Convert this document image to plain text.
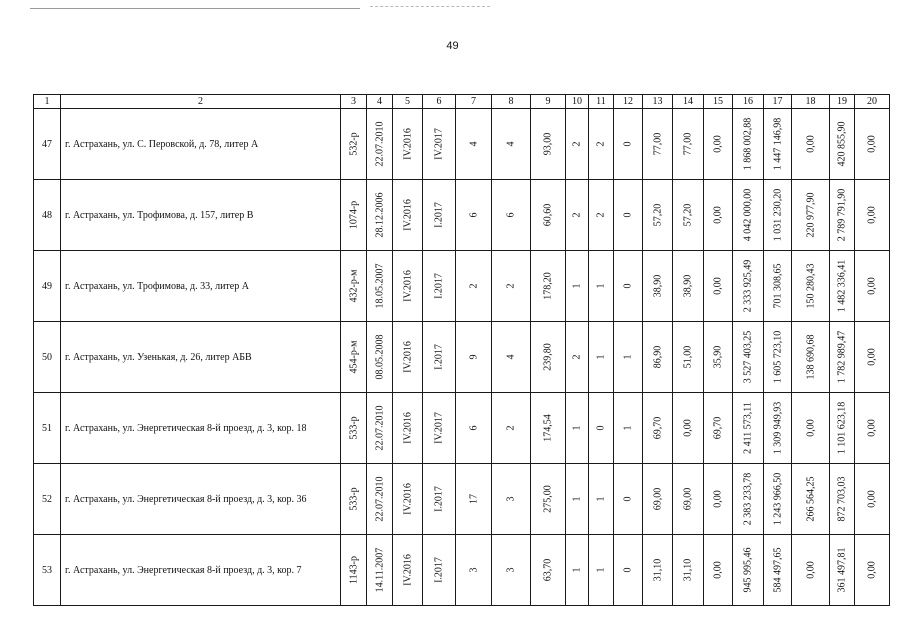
49
1	2	3	4	5	6	7	8	9	10	11	12	13	14	15	16	17	18	19	20
47	г. Астрахань, ул. С. Перовской, д. 78, литер А	532-р	22.07.2010	IV.2016	IV.2017	4	4	93,00	2	2	0	77,00	77,00	0,00	1 868 002,88	1 447 146,98	0,00	420 855,90	0,00

48	г. Астрахань, ул. Трофимова, д. 157, литер В	1074-р	28.12.2006	IV.2016	I.2017	6	6	60,60	2	2	0	57,20	57,20	0,00	4 042 000,00	1 031 230,20	220 977,90	2 789 791,90	0,00

49	г. Астрахань, ул. Трофимова, д. 33, литер А	432-р-м	18.05.2007	IV.2016	I.2017	2	2	178,20	1	1	0	38,90	38,90	0,00	2 333 925,49	701 308,65	150 280,43	1 482 336,41	0,00

50	г. Астрахань, ул. Узенькая, д. 26, литер АБВ	454-р-м	08.05.2008	IV.2016	I.2017	9	4	239,80	2	1	1	86,90	51,00	35,90	3 527 403,25	1 605 723,10	138 690,68	1 782 989,47	0,00

51	г. Астрахань, ул. Энергетическая 8-й проезд, д. 3, кор. 18	533-р	22.07.2010	IV.2016	IV.2017	6	2	174,54	1	0	1	69,70	0,00	69,70	2 411 573,11	1 309 949,93	0,00	1 101 623,18	0,00

52	г. Астрахань, ул. Энергетическая 8-й проезд, д. 3, кор. 36	533-р	22.07.2010	IV.2016	I.2017	17	3	275,00	1	1	0	69,00	69,00	0,00	2 383 233,78	1 243 966,50	266 564,25	872 703,03	0,00

53	г. Астрахань, ул. Энергетическая 8-й проезд, д. 3, кор. 7	1143-р	14.11.2007	IV.2016	I.2017	3	3	63,70	1	1	0	31,10	31,10	0,00	945 995,46	584 497,65	0,00	361 497,81	0,00
